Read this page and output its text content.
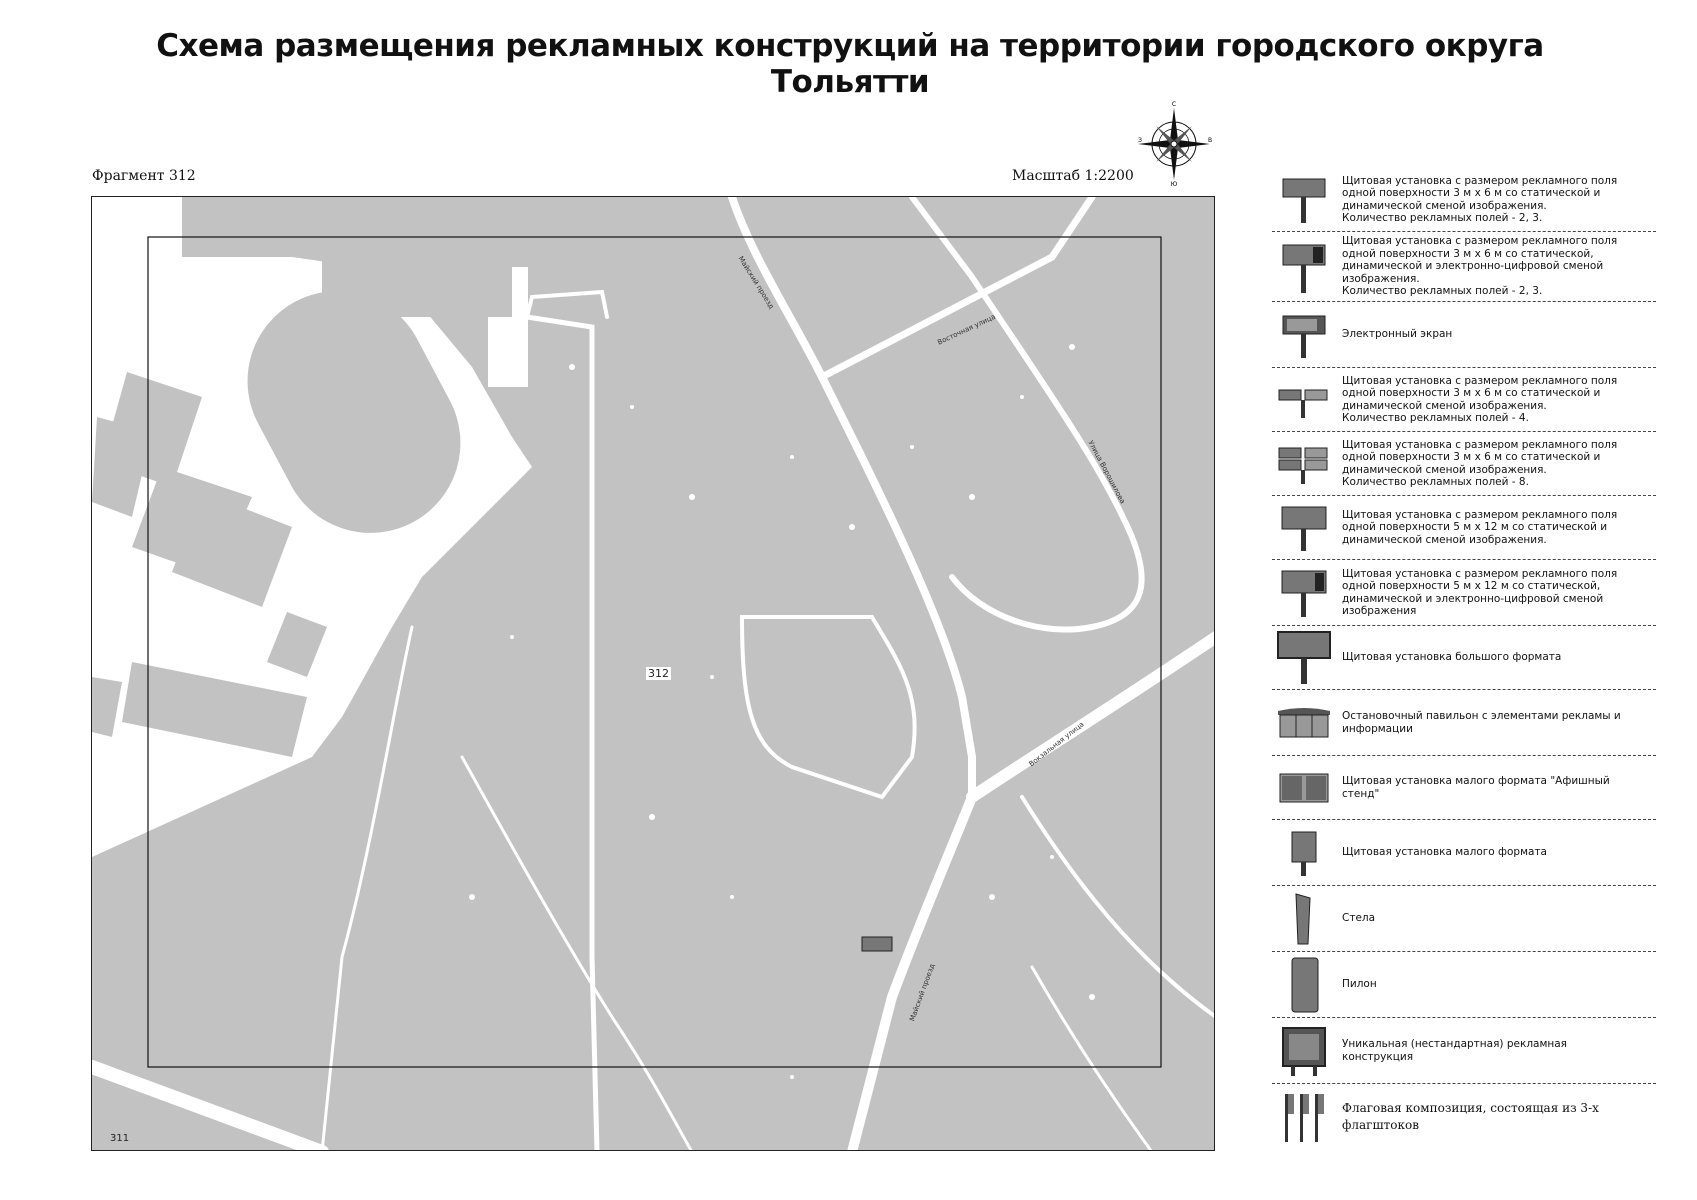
Схема размещения рекламных конструкций на территории городского округа Тольятти
Фрагмент 312	Масштаб 1:2200
С
Ю
З	В
312
311
Майский проезд
Восточная улица
Улица Ворошилова
Вокзальная улица
Майский проезд
Щитовая установка с размером рекламного поля
одной поверхности 3 м х 6 м со статической и
динамической сменой изображения.
Количество рекламных полей - 2, 3.
Щитовая установка с размером рекламного поля
одной поверхности 3 м х 6 м со статической,
динамической и электронно-цифровой сменой
изображения.
Количество рекламных полей - 2, 3.
Электронный экран
Щитовая установка с размером рекламного поля
одной поверхности 3 м х 6 м со статической и
динамической сменой изображения.
Количество рекламных полей - 4.
Щитовая установка с размером рекламного поля
одной поверхности 3 м х 6 м со статической и
динамической сменой изображения.
Количество рекламных полей - 8.
Щитовая установка с размером рекламного поля
одной поверхности 5 м х 12 м со статической и
динамической сменой изображения.
Щитовая установка с размером рекламного поля
одной поверхности 5 м х 12 м со статической,
динамической и электронно-цифровой сменой
изображения
Щитовая установка большого формата
Остановочный павильон с элементами рекламы и
информации
Щитовая установка малого формата "Афишный
стенд"
Щитовая установка малого формата
Стела
Пилон
Уникальная (нестандартная) рекламная
конструкция
Флаговая композиция, состоящая из 3-х
флагштоков
